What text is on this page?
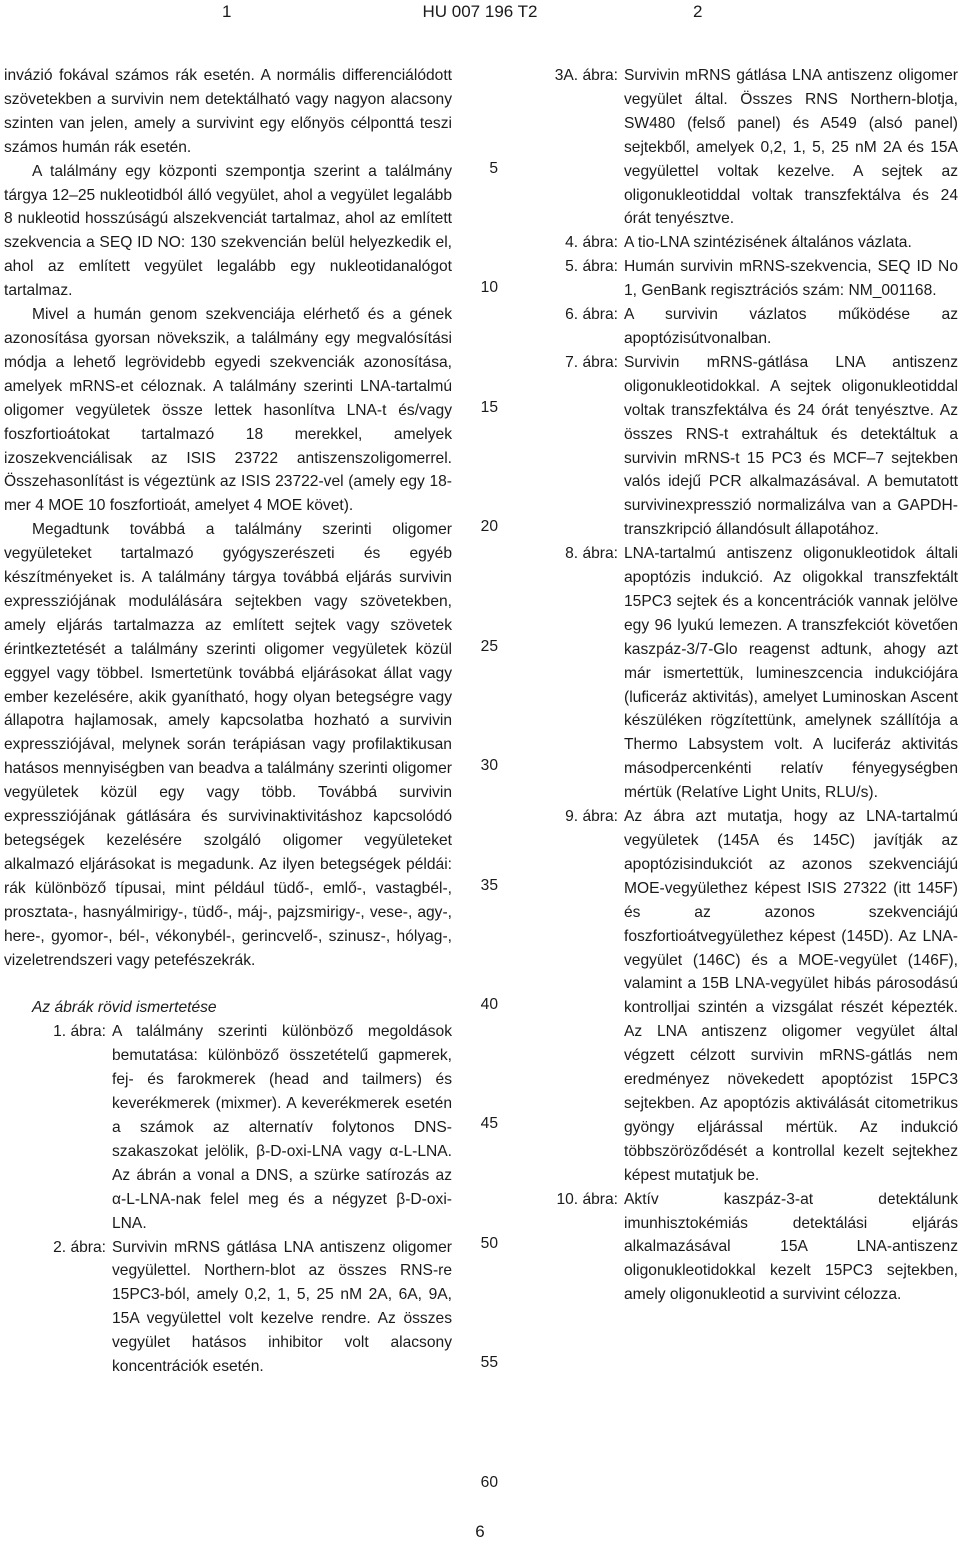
1	HU 007 196 T2	2

invázió fokával számos rák esetén. A normális differenciálódott szövetekben a survivin nem detektálható vagy nagyon alacsony szinten van jelen, amely a survivint egy előnyös célponttá teszi számos humán rák esetén.

A találmány egy központi szempontja szerint a találmány tárgya 12–25 nukleotidból álló vegyület, ahol a vegyület legalább 8 nukleotid hosszúságú alszekvenciát tartalmaz, ahol az említett szekvencia a SEQ ID NO: 130 szekvencián belül helyezkedik el, ahol az említett vegyület legalább egy nukleotidanalógot tartalmaz.

Mivel a humán genom szekvenciája elérhető és a gének azonosítása gyorsan növekszik, a találmány egy megvalósítási módja a lehető legrövidebb egyedi szekvenciák azonosítása, amelyek mRNS-et céloznak. A találmány szerinti LNA-tartalmú oligomer vegyületek össze lettek hasonlítva LNA-t és/vagy foszfortioátokat tartalmazó 18 merekkel, amelyek izoszekvenciálisak az ISIS 23722 antiszenszoligomerrel. Összehasonlítást is végeztünk az ISIS 23722-vel (amely egy 18-mer 4 MOE 10 foszfortioát, amelyet 4 MOE követ).

Megadtunk továbbá a találmány szerinti oligomer vegyületeket tartalmazó gyógyszerészeti és egyéb készítményeket is. A találmány tárgya továbbá eljárás survivin expressziójának modulálására sejtekben vagy szövetekben, amely eljárás tartalmazza az említett sejtek vagy szövetek érintkeztetését a találmány szerinti oligomer vegyületek közül eggyel vagy többel. Ismertetünk továbbá eljárásokat állat vagy ember kezelésére, akik gyanítható, hogy olyan betegségre vagy állapotra hajlamosak, amely kapcsolatba hozható a survivin expressziójával, melynek során terápiásan vagy profilaktikusan hatásos mennyiségben van beadva a találmány szerinti oligomer vegyületek közül egy vagy több. Továbbá survivin expressziójának gátlására és survivinaktivitáshoz kapcsolódó betegségek kezelésére szolgáló oligomer vegyületeket alkalmazó eljárásokat is megadunk. Az ilyen betegségek példái: rák különböző típusai, mint például tüdő-, emlő-, vastagbél-, prosztata-, hasnyálmirigy-, tüdő-, máj-, pajzsmirigy-, vese-, agy-, here-, gyomor-, bél-, vékonybél-, gerincvelő-, szinusz-, hólyag-, vizeletrendszeri vagy petefészekrák.

Az ábrák rövid ismertetése
1. ábra: A találmány szerinti különböző megoldások bemutatása: különböző összetételű gapmerek, fej- és farokmerek (head and tailmers) és keverékmerek (mixmer). A keverékmerek esetén a számok az alternatív folytonos DNS-szakaszokat jelölik, β-D-oxi-LNA vagy α-L-LNA. Az ábrán a vonal a DNS, a szürke satírozás az α-L-LNA-nak felel meg és a négyzet β-D-oxi-LNA.
2. ábra: Survivin mRNS gátlása LNA antiszenz oligomer vegyülettel. Northern-blot az összes RNS-re 15PC3-ból, amely 0,2, 1, 5, 25 nM 2A, 6A, 9A, 15A vegyülettel volt kezelve rendre. Az összes vegyület hatásos inhibitor volt alacsony koncentrációk esetén.
5
10
15
20
25
30
35
40
45
50
55
60
3A. ábra: Survivin mRNS gátlása LNA antiszenz oligomer vegyület által. Összes RNS Northern-blotja, SW480 (felső panel) és A549 (alsó panel) sejtekből, amelyek 0,2, 1, 5, 25 nM 2A és 15A vegyülettel voltak kezelve. A sejtek az oligonukleotiddal voltak transzfektálva és 24 órát tenyésztve.
4. ábra: A tio-LNA szintézisének általános vázlata.
5. ábra: Humán survivin mRNS-szekvencia, SEQ ID No 1, GenBank regisztrációs szám: NM_001168.
6. ábra: A survivin vázlatos működése az apoptózisútvonalban.
7. ábra: Survivin mRNS-gátlása LNA antiszenz oligonukleotidokkal. A sejtek oligonukleotiddal voltak transzfektálva és 24 órát tenyésztve. Az összes RNS-t extraháltuk és detektáltuk a survivin mRNS-t 15 PC3 és MCF–7 sejtekben valós idejű PCR alkalmazásával. A bemutatott survivinexpresszió normalizálva van a GAPDH-transzkripció állandósult állapotához.
8. ábra: LNA-tartalmú antiszenz oligonukleotidok általi apoptózis indukció. Az oligokkal transzfektált 15PC3 sejtek és a koncentrációk vannak jelölve egy 96 lyukú lemezen. A transzfekciót követően kaszpáz-3/7-Glo reagenst adtunk, ahogy azt már ismertettük, lumineszcencia indukciójára (luficeráz aktivitás), amelyet Luminoskan Ascent készüléken rögzítettünk, amelynek szállítója a Thermo Labsystem volt. A luciferáz aktivitás másodpercenkénti relatív fényegységben mértük (Relatíve Light Units, RLU/s).
9. ábra: Az ábra azt mutatja, hogy az LNA-tartalmú vegyületek (145A és 145C) javítják az apoptózisindukciót az azonos szekvenciájú MOE-vegyülethez képest ISIS 27322 (itt 145F) és az azonos szekvenciájú foszfortioátvegyülethez képest (145D). Az LNA-vegyület (146C) és a MOE-vegyület (146F), valamint a 15B LNA-vegyület hibás párosodású kontrolljai szintén a vizsgálat részét képezték. Az LNA antiszenz oligomer vegyület által végzett célzott survivin mRNS-gátlás nem eredményez növekedett apoptózist 15PC3 sejtekben. Az apoptózis aktiválását citometrikus gyöngy eljárással mértük. Az indukció többszöröződését a kontrollal kezelt sejtekhez képest mutatjuk be.
10. ábra: Aktív kaszpáz-3-at detektálunk imunhisztokémiás detektálási eljárás alkalmazásával 15A LNA-antiszenz oligonukleotidokkal kezelt 15PC3 sejtekben, amely oligonukleotid a survivint célozza.
6
